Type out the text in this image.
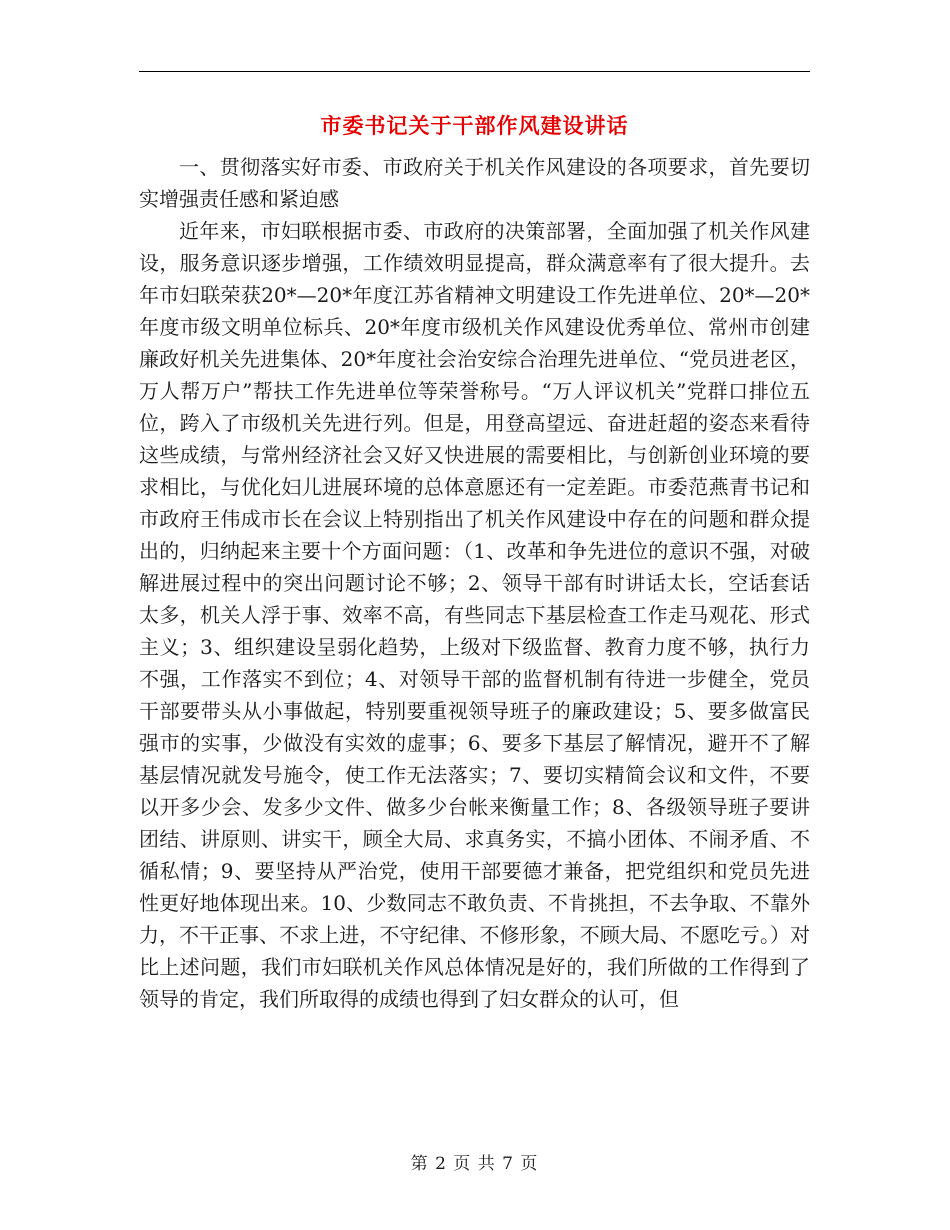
市委书记关于干部作风建设讲话

一、贯彻落实好市委、市政府关于机关作风建设的各项要求，首先要切实增强责任感和紧迫感

近年来，市妇联根据市委、市政府的决策部署，全面加强了机关作风建设，服务意识逐步增强，工作绩效明显提高，群众满意率有了很大提升。去年市妇联荣获20*—20*年度江苏省精神文明建设工作先进单位、20*—20*年度市级文明单位标兵、20*年度市级机关作风建设优秀单位、常州市创建廉政好机关先进集体、20*年度社会治安综合治理先进单位、“党员进老区，万人帮万户”帮扶工作先进单位等荣誉称号。“万人评议机关”党群口排位五位，跨入了市级机关先进行列。但是，用登高望远、奋进赶超的姿态来看待这些成绩，与常州经济社会又好又快进展的需要相比，与创新创业环境的要求相比，与优化妇儿进展环境的总体意愿还有一定差距。市委范燕青书记和市政府王伟成市长在会议上特别指出了机关作风建设中存在的问题和群众提出的，归纳起来主要十个方面问题：（1、改革和争先进位的意识不强，对破解进展过程中的突出问题讨论不够；2、领导干部有时讲话太长，空话套话太多，机关人浮于事、效率不高，有些同志下基层检查工作走马观花、形式主义；3、组织建设呈弱化趋势，上级对下级监督、教育力度不够，执行力不强，工作落实不到位；4、对领导干部的监督机制有待进一步健全，党员干部要带头从小事做起，特别要重视领导班子的廉政建设；5、要多做富民强市的实事，少做没有实效的虚事；6、要多下基层了解情况，避开不了解基层情况就发号施令，使工作无法落实；7、要切实精简会议和文件，不要以开多少会、发多少文件、做多少台帐来衡量工作；8、各级领导班子要讲团结、讲原则、讲实干，顾全大局、求真务实，不搞小团体、不闹矛盾、不循私情；9、要坚持从严治党，使用干部要德才兼备，把党组织和党员先进性更好地体现出来。10、少数同志不敢负责、不肯挑担，不去争取、不靠外力，不干正事、不求上进，不守纪律、不修形象，不顾大局、不愿吃亏。）对比上述问题，我们市妇联机关作风总体情况是好的，我们所做的工作得到了领导的肯定，我们所取得的成绩也得到了妇女群众的认可，但

第 2 页 共 7 页
